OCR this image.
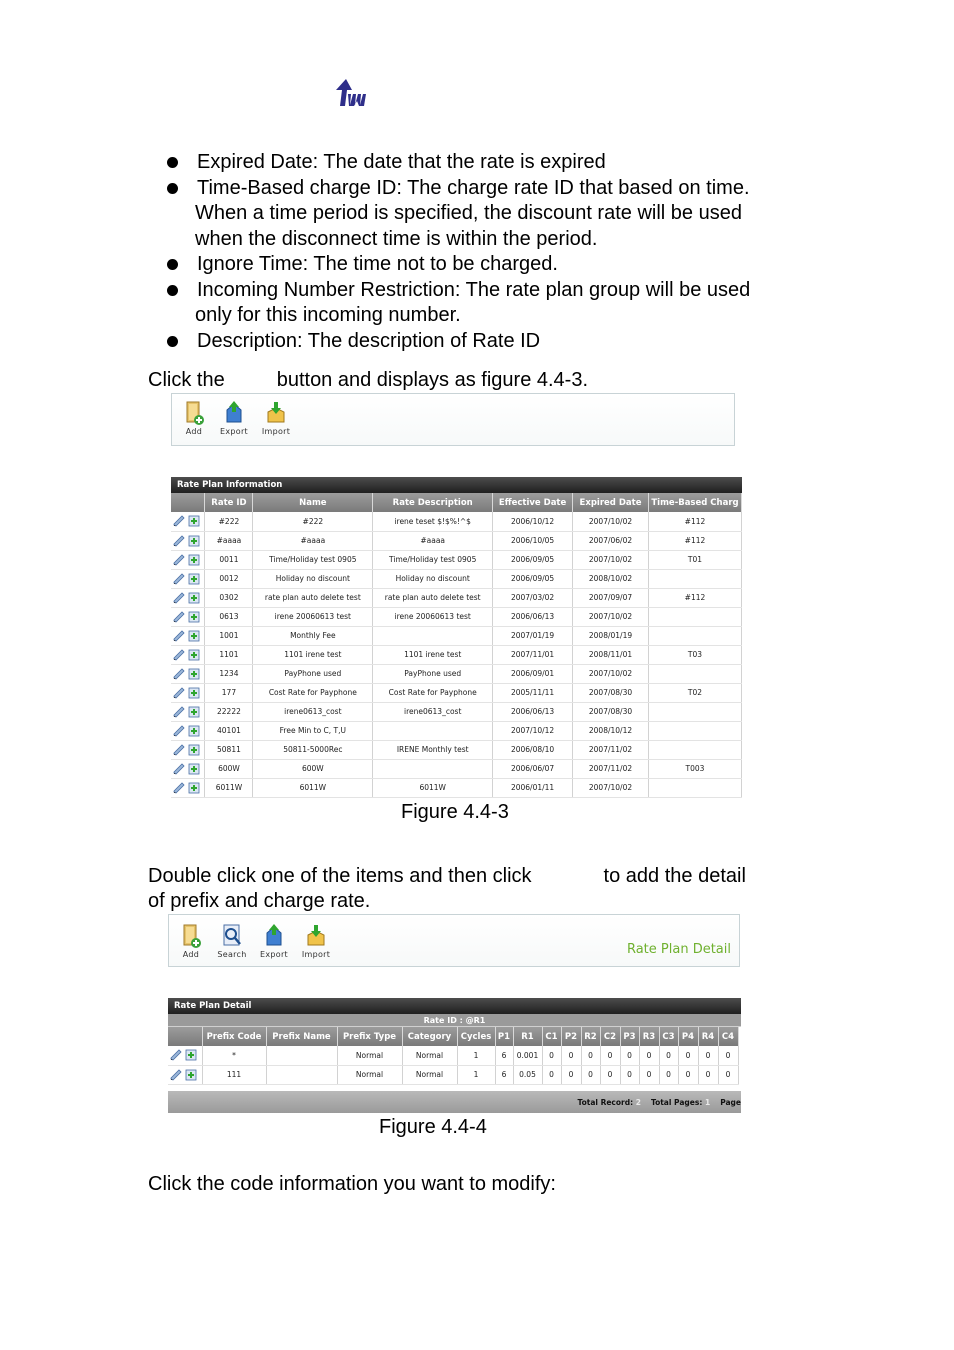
Expired Date: The date that the rate is expired
Time-Based charge ID: The charge rate ID that based on time.
When a time period is specified, the discount rate will be used when the disconnect time is within the period.
Ignore Time: The time not to be charged.
Incoming Number Restriction: The rate plan group will be used
only for this incoming number.
Description: The description of Rate ID
Click the	button and displays as figure 4.4-3.
Add	Export	Import
Rate Plan Information
	Rate ID	Name	Rate Description	Effective Date	Expired Date	Time-Based Charg
	#222	#222	irene teset $!$%!^$	2006/10/12	2007/10/02	#112
	#aaaa	#aaaa	#aaaa	2006/10/05	2007/06/02	#112
	0011	Time/Holiday test 0905	Time/Holiday test 0905	2006/09/05	2007/10/02	T01
	0012	Holiday no discount	Holiday no discount	2006/09/05	2008/10/02	
	0302	rate plan auto delete test	rate plan auto delete test	2007/03/02	2007/09/07	#112
	0613	irene 20060613 test	irene 20060613 test	2006/06/13	2007/10/02	
	1001	Monthly Fee		2007/01/19	2008/01/19	
	1101	1101 irene test	1101 irene test	2007/11/01	2008/11/01	T03
	1234	PayPhone used	PayPhone used	2006/09/01	2007/10/02	
	177	Cost Rate for Payphone	Cost Rate for Payphone	2005/11/11	2007/08/30	T02
	22222	irene0613_cost	irene0613_cost	2006/06/13	2007/08/30	
	40101	Free Min to C, T,U		2007/10/12	2008/10/12	
	50811	50811-5000Rec	IRENE Monthly test	2006/08/10	2007/11/02	
	600W	600W		2006/06/07	2007/11/02	T003
	6011W	6011W	6011W	2006/01/11	2007/10/02	
Figure 4.4-3
Double click one of the items and then click	to add the detail
of prefix and charge rate.
Add	Search	Export	Import	Rate Plan Detail
Rate Plan Detail
Rate ID : @R1
	Prefix Code	Prefix Name	Prefix Type	Category	Cycles	P1	R1	C1	P2	R2	C2	P3	R3	C3	P4	R4	C4
	*		Normal	Normal	1	6	0.001	0	0	0	0	0	0	0	0	0	0
	111		Normal	Normal	1	6	0.05	0	0	0	0	0	0	0	0	0	0
Total Record: 2 Total Pages: 1 Page
Figure 4.4-4
Click the code information you want to modify:
